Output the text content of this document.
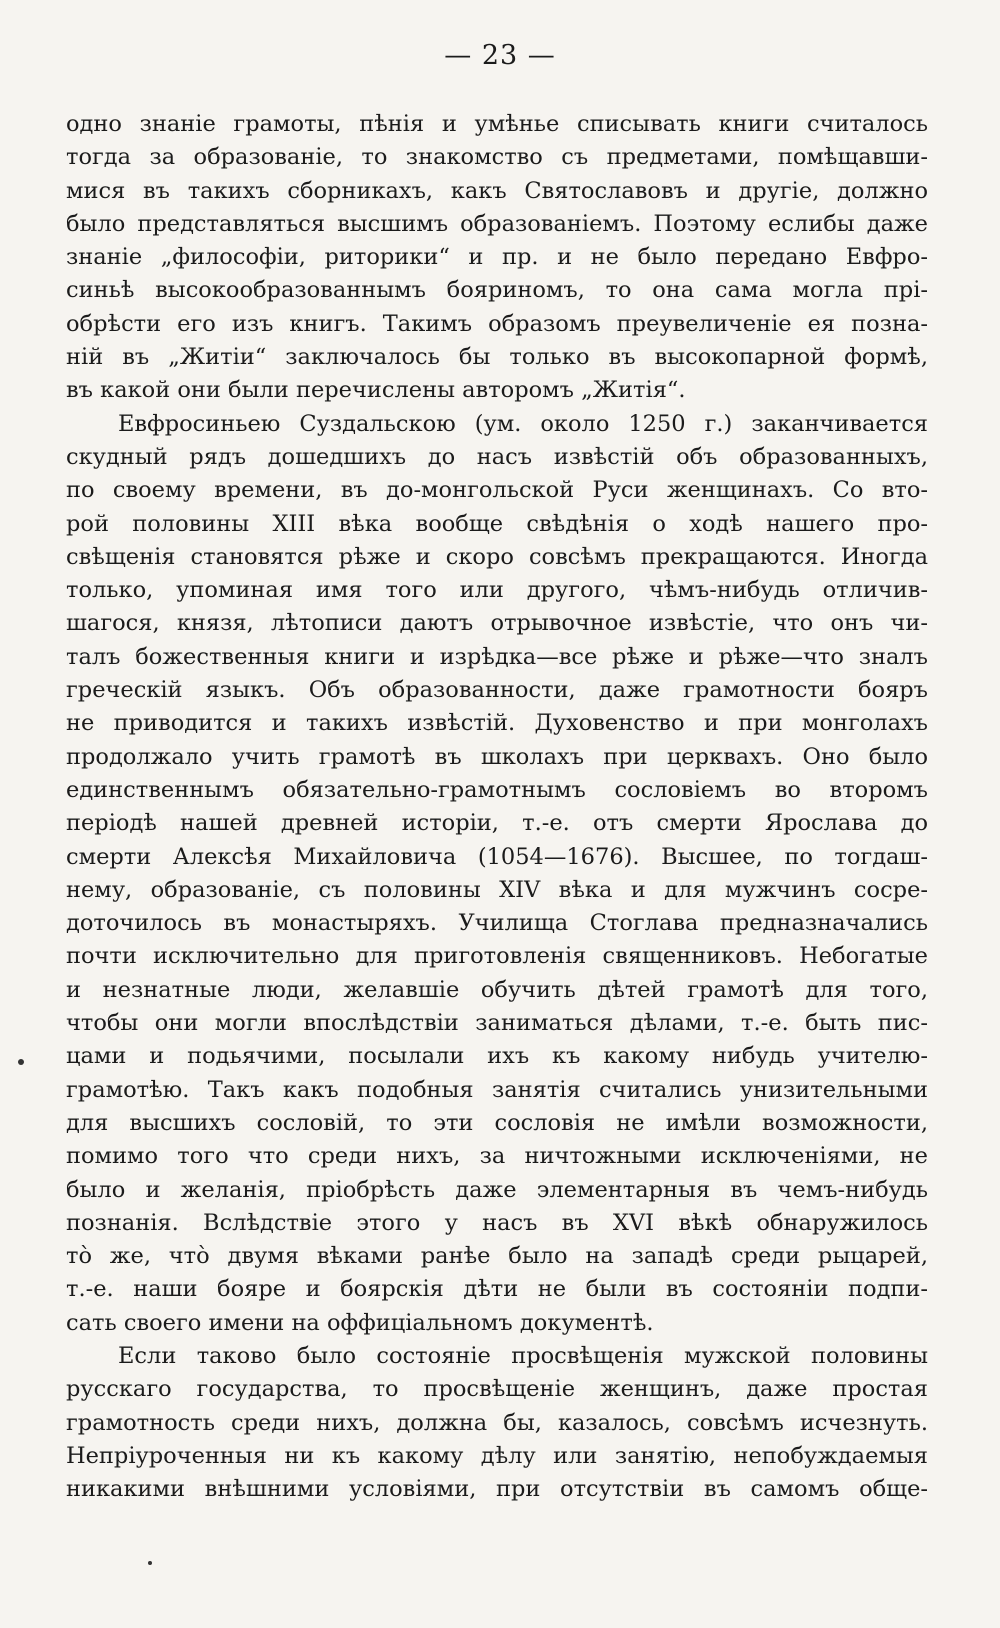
— 23 —

одно знаніе грамоты, пѣнія и умѣнье списывать книги считалось
тогда за образованіе, то знакомство съ предметами, помѣщавши-
мися въ такихъ сборникахъ, какъ Святославовъ и другіе, должно
было представляться высшимъ образованіемъ. Поэтому еслибы даже
знаніе „философіи, риторики“ и пр. и не было передано Евфро-
синьѣ высокообразованнымъ бояриномъ, то она сама могла прі-
обрѣсти его изъ книгъ. Такимъ образомъ преувеличеніе ея позна-
ній въ „Житіи“ заключалось бы только въ высокопарной формѣ,
въ какой они были перечислены авторомъ „Житія“.

Евфросиньею Суздальскою (ум. около 1250 г.) заканчивается
скудный рядъ дошедшихъ до насъ извѣстій объ образованныхъ,
по своему времени, въ до-монгольской Руси женщинахъ. Со вто-
рой половины XIII вѣка вообще свѣдѣнія о ходѣ нашего про-
свѣщенія становятся рѣже и скоро совсѣмъ прекращаются. Иногда
только, упоминая имя того или другого, чѣмъ-нибудь отличив-
шагося, князя, лѣтописи даютъ отрывочное извѣстіе, что онъ чи-
талъ божественныя книги и изрѣдка—все рѣже и рѣже—что зналъ
греческій языкъ. Объ образованности, даже грамотности бояръ
не приводится и такихъ извѣстій. Духовенство и при монголахъ
продолжало учить грамотѣ въ школахъ при церквахъ. Оно было
единственнымъ обязательно-грамотнымъ сословіемъ во второмъ
періодѣ нашей древней исторіи, т.-е. отъ смерти Ярослава до
смерти Алексѣя Михайловича (1054—1676). Высшее, по тогдаш-
нему, образованіе, съ половины XIV вѣка и для мужчинъ сосре-
доточилось въ монастыряхъ. Училища Стоглава предназначались
почти исключительно для приготовленія священниковъ. Небогатые
и незнатные люди, желавшіе обучить дѣтей грамотѣ для того,
чтобы они могли впослѣдствіи заниматься дѣлами, т.-е. быть пис-
цами и подьячими, посылали ихъ къ какому нибудь учителю-
грамотѣю. Такъ какъ подобныя занятія считались унизительными
для высшихъ сословій, то эти сословія не имѣли возможности,
помимо того что среди нихъ, за ничтожными исключеніями, не
было и желанія, пріобрѣсть даже элементарныя въ чемъ-нибудь
познанія. Вслѣдствіе этого у насъ въ XVI вѣкѣ обнаружилось
тò же, чтò двумя вѣками ранѣе было на западѣ среди рыцарей,
т.-е. наши бояре и боярскія дѣти не были въ состояніи подпи-
сать своего имени на оффиціальномъ документѣ.

Если таково было состояніе просвѣщенія мужской половины
русскаго государства, то просвѣщеніе женщинъ, даже простая
грамотность среди нихъ, должна бы, казалось, совсѣмъ исчезнуть.
Непріуроченныя ни къ какому дѣлу или занятію, непобуждаемыя
никакими внѣшними условіями, при отсутствіи въ самомъ обще-
